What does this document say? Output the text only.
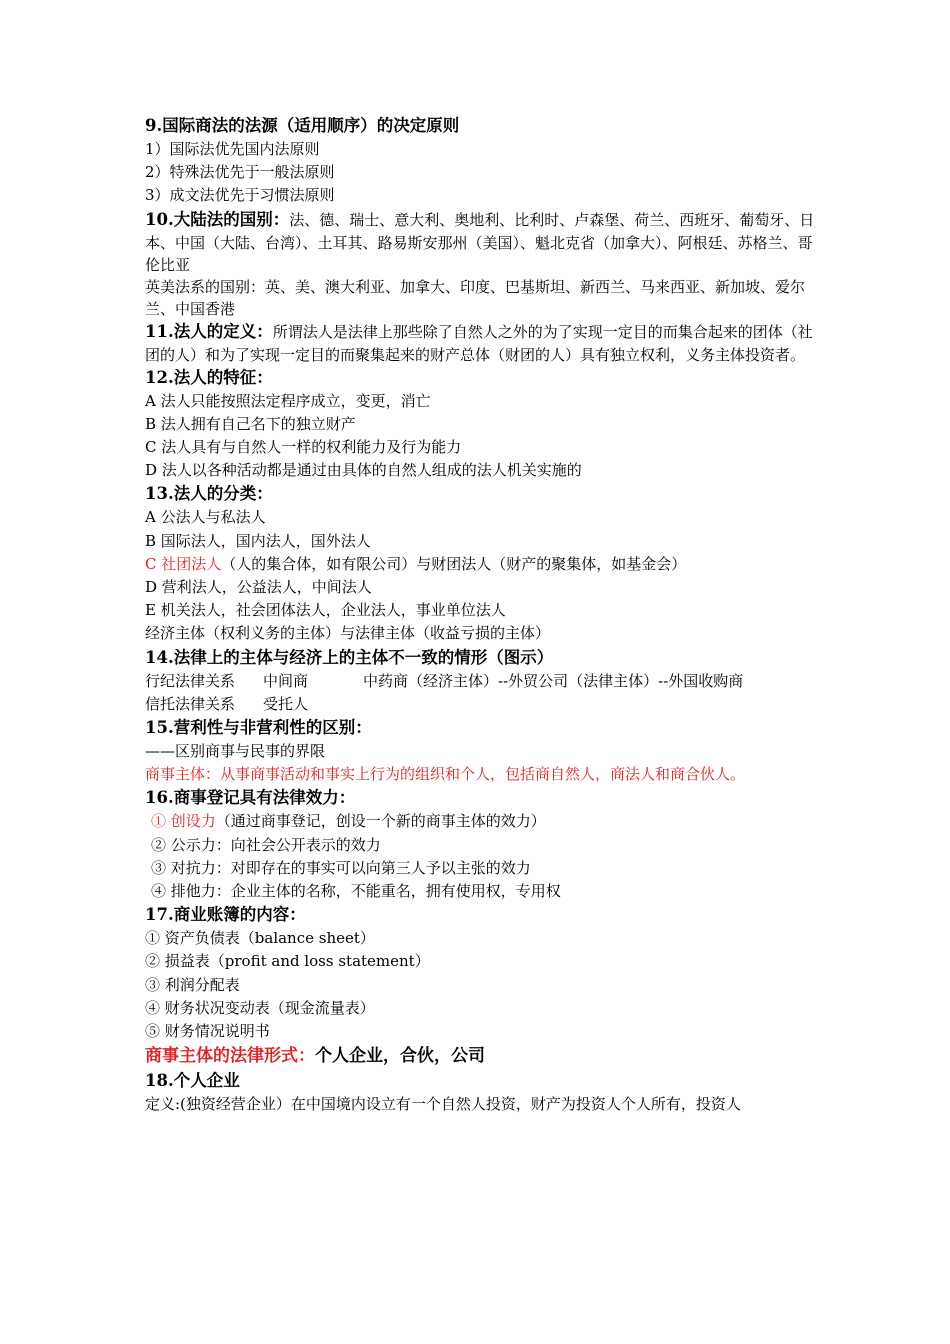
9.国际商法的法源（适用顺序）的决定原则
1）国际法优先国内法原则
2）特殊法优先于一般法原则
3）成文法优先于习惯法原则
10.大陆法的国别：法、德、瑞士、意大利、奥地利、比利时、卢森堡、荷兰、西班牙、葡萄牙、日本、中国（大陆、台湾）、土耳其、路易斯安那州（美国）、魁北克省（加拿大）、阿根廷、苏格兰、哥伦比亚
英美法系的国别：英、美、澳大利亚、加拿大、印度、巴基斯坦、新西兰、马来西亚、新加坡、爱尔兰、中国香港
11.法人的定义：所谓法人是法律上那些除了自然人之外的为了实现一定目的而集合起来的团体（社团的人）和为了实现一定目的而聚集起来的财产总体（财团的人）具有独立权利，义务主体投资者。
12.法人的特征：
A 法人只能按照法定程序成立，变更，消亡
B 法人拥有自己名下的独立财产
C 法人具有与自然人一样的权利能力及行为能力
D 法人以各种活动都是通过由具体的自然人组成的法人机关实施的
13.法人的分类：
A 公法人与私法人
B 国际法人，国内法人，国外法人
C 社团法人（人的集合体，如有限公司）与财团法人（财产的聚集体，如基金会）
D 营利法人，公益法人，中间法人
E 机关法人，社会团体法人，企业法人，事业单位法人
经济主体（权利义务的主体）与法律主体（收益亏损的主体）
14.法律上的主体与经济上的主体不一致的情形（图示）
行纪法律关系 中间商	中药商（经济主体）--外贸公司（法律主体）--外国收购商
信托法律关系 受托人
15.营利性与非营利性的区别：
——区别商事与民事的界限
商事主体：从事商事活动和事实上行为的组织和个人，包括商自然人，商法人和商合伙人。
16.商事登记具有法律效力：
① 创设力（通过商事登记，创设一个新的商事主体的效力）
② 公示力：向社会公开表示的效力
③ 对抗力：对即存在的事实可以向第三人予以主张的效力
④ 排他力：企业主体的名称，不能重名，拥有使用权，专用权
17.商业账簿的内容：
① 资产负债表（balance sheet）
② 损益表（profit and loss statement）
③ 利润分配表
④ 财务状况变动表（现金流量表）
⑤ 财务情况说明书
商事主体的法律形式：个人企业，合伙，公司
18.个人企业
定义:(独资经营企业）在中国境内设立有一个自然人投资，财产为投资人个人所有，投资人
